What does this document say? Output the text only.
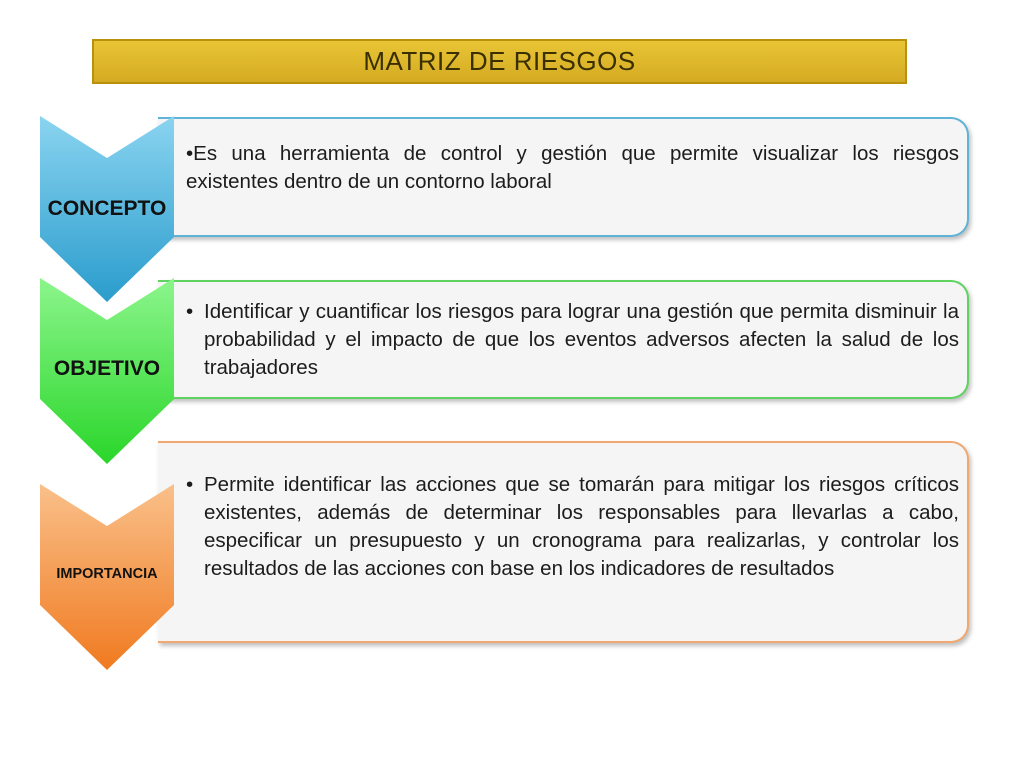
MATRIZ DE RIESGOS
•Es una herramienta de control y gestión que permite visualizar los riesgos existentes dentro de un contorno laboral
CONCEPTO
• Identificar y cuantificar los riesgos para lograr una gestión que permita disminuir la probabilidad y el impacto de que los eventos adversos afecten la salud de los trabajadores
OBJETIVO
• Permite identificar las acciones que se tomarán para mitigar los riesgos críticos existentes, además de determinar los responsables para llevarlas a cabo, especificar un presupuesto y un cronograma para realizarlas, y controlar los resultados de las acciones con base en los indicadores de resultados
IMPORTANCIA
